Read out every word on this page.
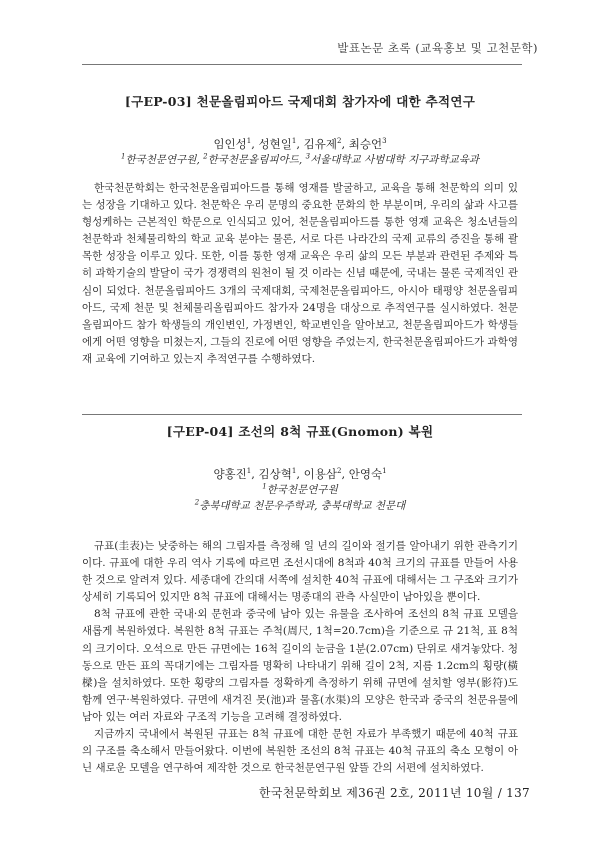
발표논문 초록 (교육홍보 및 고천문학)
[구EP-03] 천문올림피아드 국제대회 참가자에 대한 추적연구
임인성$^1$, 성현일$^1$, 김유제$^2$, 최승언$^3$
$^1$한국천문연구원, $^2$한국천문올림피아드, $^3$서울대학교 사범대학 지구과학교육과

한국천문학회는 한국천문올림피아드를 통해 영재를 발굴하고, 교육을 통해 천문학의 의미 있는 성장을 기대하고 있다. 천문학은 우리 문명의 중요한 문화의 한 부분이며, 우리의 삶과 사고를 형성케하는 근본적인 학문으로 인식되고 있어, 천문올림피아드를 통한 영재 교육은 청소년들의 천문학과 천체물리학의 학교 교육 분야는 물론, 서로 다른 나라간의 국제 교류의 증진을 통해 괄목한 성장을 이루고 있다. 또한, 이를 통한 영재 교육은 우리 삶의 모든 부분과 관련된 주제와 특히 과학기술의 발달이 국가 경쟁력의 원천이 될 것 이라는 신념 때문에, 국내는 물론 국제적인 관심이 되었다. 천문올림피아드 3개의 국제대회, 국제천문올림피아드, 아시아 태평양 천문올림피아드, 국제 천문 및 천체물리올림피아드 참가자 24명을 대상으로 추적연구를 실시하였다. 천문올림피아드 참가 학생들의 개인변인, 가정변인, 학교변인을 알아보고, 천문올림피아드가 학생들에게 어떤 영향을 미쳤는지, 그들의 진로에 어떤 영향을 주었는지, 한국천문올림피아드가 과학영재 교육에 기여하고 있는지 추적연구를 수행하였다.

[구EP-04] 조선의 8척 규표(Gnomon) 복원
양홍진$^1$, 김상혁$^1$, 이용삼$^2$, 안영숙$^1$
$^1$한국천문연구원
$^2$충북대학교 천문우주학과, 충북대학교 천문대

규표(圭表)는 낮중하는 해의 그림자를 측정해 일 년의 길이와 절기를 알아내기 위한 관측기기이다. 규표에 대한 우리 역사 기록에 따르면 조선시대에 8척과 40척 크기의 규표를 만들어 사용한 것으로 알려져 있다. 세종대에 간의대 서쪽에 설치한 40척 규표에 대해서는 그 구조와 크기가 상세히 기록되어 있지만 8척 규표에 대해서는 명종대의 관측 사실만이 남아있을 뿐이다.

8척 규표에 관한 국내·외 문헌과 중국에 남아 있는 유물을 조사하여 조선의 8척 규표 모델을 새롭게 복원하였다. 복원한 8척 규표는 주척(周尺, 1척=20.7cm)을 기준으로 규 21척, 표 8척의 크기이다. 오석으로 만든 규면에는 16척 길이의 눈금을 1분(2.07cm) 단위로 새겨놓았다. 청동으로 만든 표의 꼭대기에는 그림자를 명확히 나타내기 위해 길이 2척, 지름 1.2cm의 횡량(橫樑)을 설치하였다. 또한 횡량의 그림자를 정확하게 측정하기 위해 규면에 설치할 영부(影符)도 함께 연구·복원하였다. 규면에 새겨진 못(池)과 물홈(水渠)의 모양은 한국과 중국의 천문유물에 남아 있는 여러 자료와 구조적 기능을 고려해 결정하였다.

지금까지 국내에서 복원된 규표는 8척 규표에 대한 문헌 자료가 부족했기 때문에 40척 규표의 구조를 축소해서 만들어왔다. 이번에 복원한 조선의 8척 규표는 40척 규표의 축소 모형이 아닌 새로운 모델을 연구하여 제작한 것으로 한국천문연구원 앞뜰 간의 서편에 설치하였다.

한국천문학회보 제36권 2호, 2011년 10월 / 137
